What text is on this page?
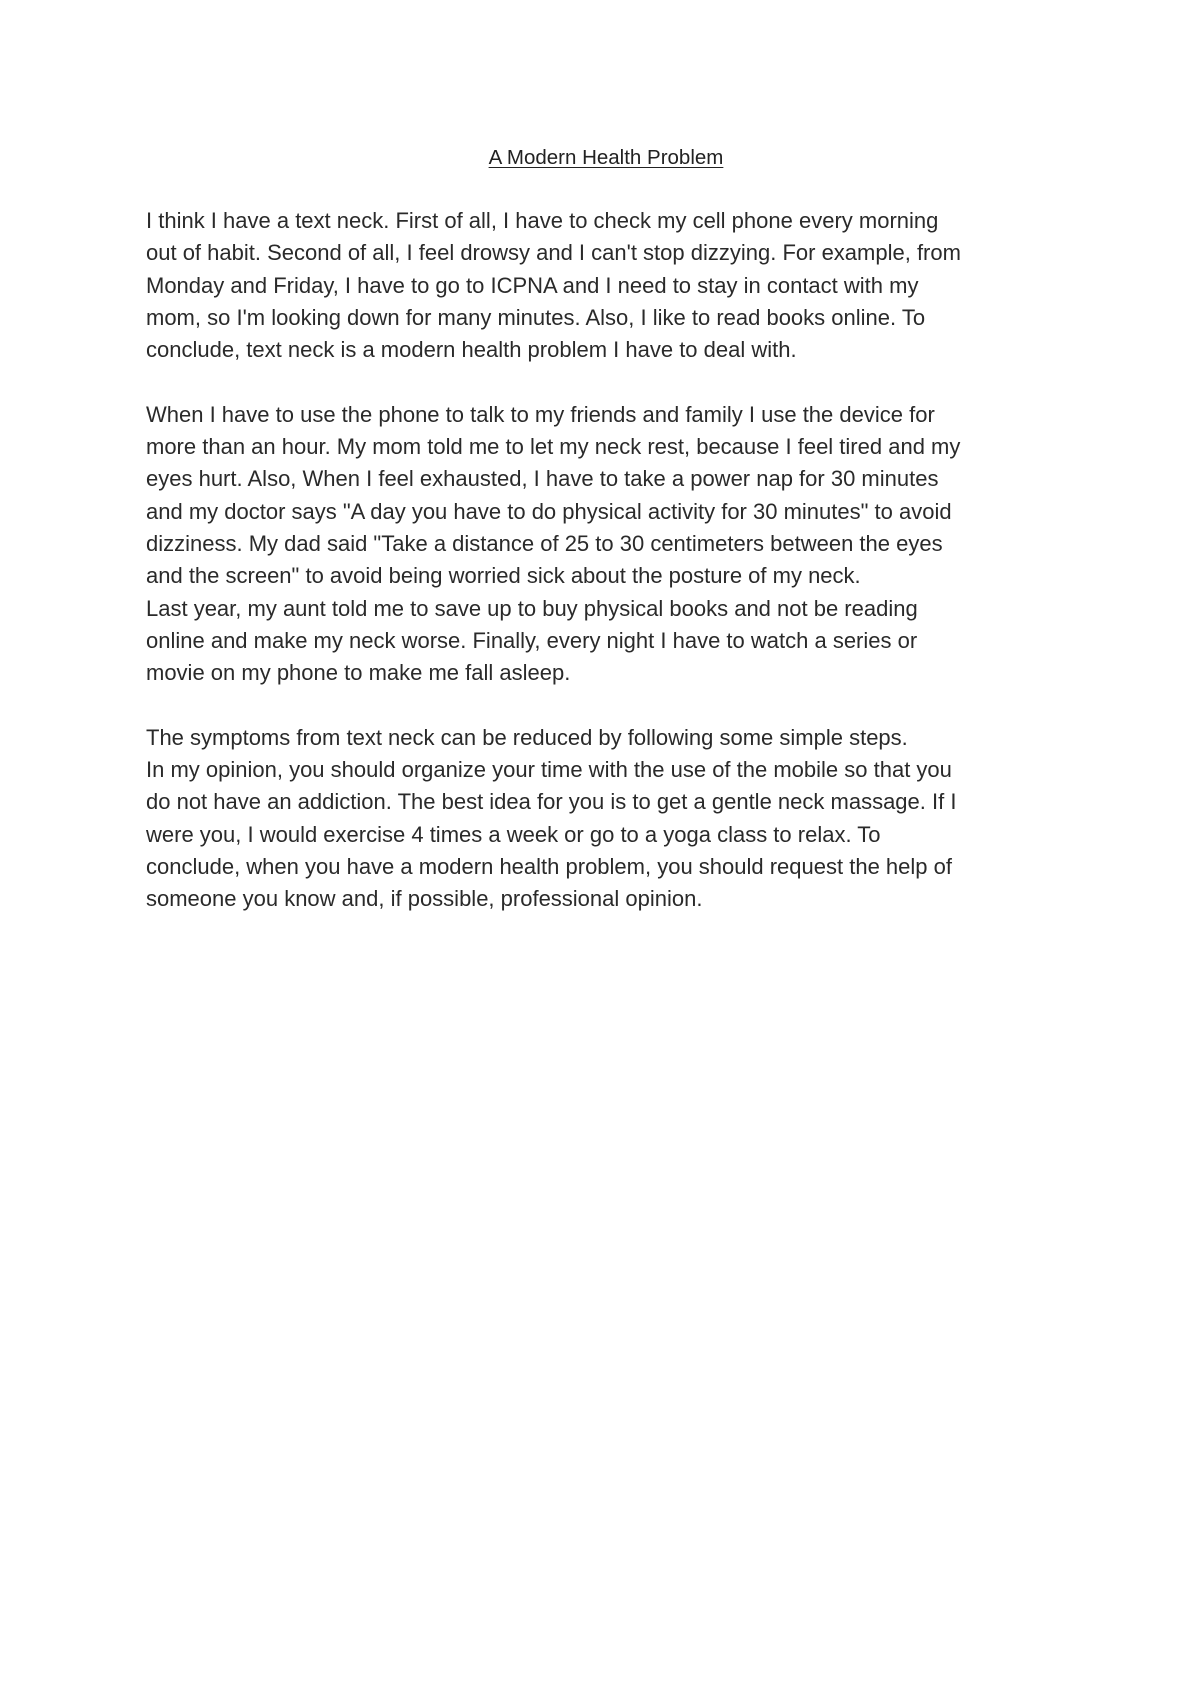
A Modern Health Problem
I think I have a text neck. First of all, I have to check my cell phone every morning
out of habit. Second of all, I feel drowsy and I can't stop dizzying. For example, from
Monday and Friday, I have to go to ICPNA and I need to stay in contact with my
mom, so I'm looking down for many minutes. Also, I like to read books online. To
conclude, text neck is a modern health problem I have to deal with.
When I have to use the phone to talk to my friends and family I use the device for
more than an hour. My mom told me to let my neck rest, because I feel tired and my
eyes hurt. Also, When I feel exhausted, I have to take a power nap for 30 minutes
and my doctor says "A day you have to do physical activity for 30 minutes" to avoid
dizziness. My dad said "Take a distance of 25 to 30 centimeters between the eyes
and the screen" to avoid being worried sick about the posture of my neck.
Last year, my aunt told me to save up to buy physical books and not be reading
online and make my neck worse. Finally, every night I have to watch a series or
movie on my phone to make me fall asleep.
The symptoms from text neck can be reduced by following some simple steps.
In my opinion, you should organize your time with the use of the mobile so that you
do not have an addiction. The best idea for you is to get a gentle neck massage. If I
were you, I would exercise 4 times a week or go to a yoga class to relax. To
conclude, when you have a modern health problem, you should request the help of
someone you know and, if possible, professional opinion.
